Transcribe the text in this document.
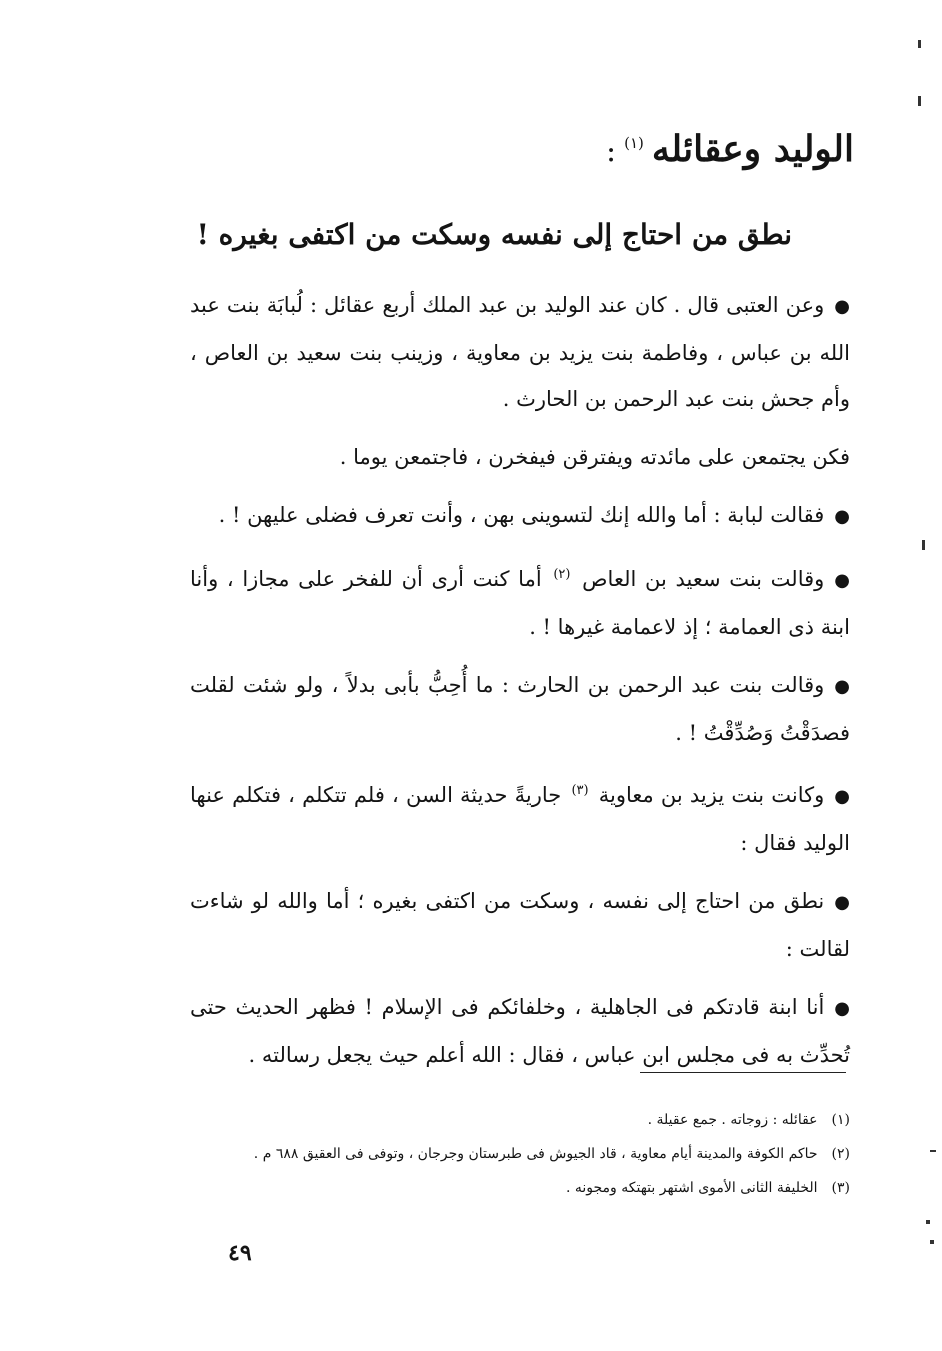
الوليد وعقائله$^{(١)}$:
نطق من احتاج إلى نفسه وسكت من اكتفى بغيره !

●وعن العتبى قال . كان عند الوليد بن عبد الملك أربع عقائل : لُبابَة بنت عبد الله بن عباس ، وفاطمة بنت يزيد بن معاوية ، وزينب بنت سعيد بن العاص ، وأم جحش بنت عبد الرحمن بن الحارث .

فكن يجتمعن على مائدته ويفترقن فيفخرن ، فاجتمعن يوما .

●فقالت لبابة : أما والله إنك لتسوينى بهن ، وأنت تعرف فضلى عليهن ! .

●وقالت بنت سعيد بن العاص $^{(٢)}$ أما كنت أرى أن للفخر على مجازا ، وأنا ابنة ذى العمامة ؛ إذ لاعمامة غيرها ! .

●وقالت بنت عبد الرحمن بن الحارث : ما أُحِبُّ بأبى بدلاً ، ولو شئت لقلت فصدَقْتُ وَصُدِّقْتُ ! .

●وكانت بنت يزيد بن معاوية $^{(٣)}$ جاريةً حديثة السن ، فلم تتكلم ، فتكلم عنها الوليد فقال :

●نطق من احتاج إلى نفسه ، وسكت من اكتفى بغيره ؛ أما والله لو شاءت لقالت :

●أنا ابنة قادتكم فى الجاهلية ، وخلفائكم فى الإسلام ! فظهر الحديث حتى تُحدِّث به فى مجلس ابن عباس ، فقال : الله أعلم حيث يجعل رسالته .

(١)عقائله : زوجاته . جمع عقيلة .

(٢)حاكم الكوفة والمدينة أيام معاوية ، قاد الجيوش فى طبرستان وجرجان ، وتوفى فى العقيق ٦٨٨ م .

(٣)الخليفة الثانى الأموى اشتهر بتهتكه ومجونه .

٤٩
